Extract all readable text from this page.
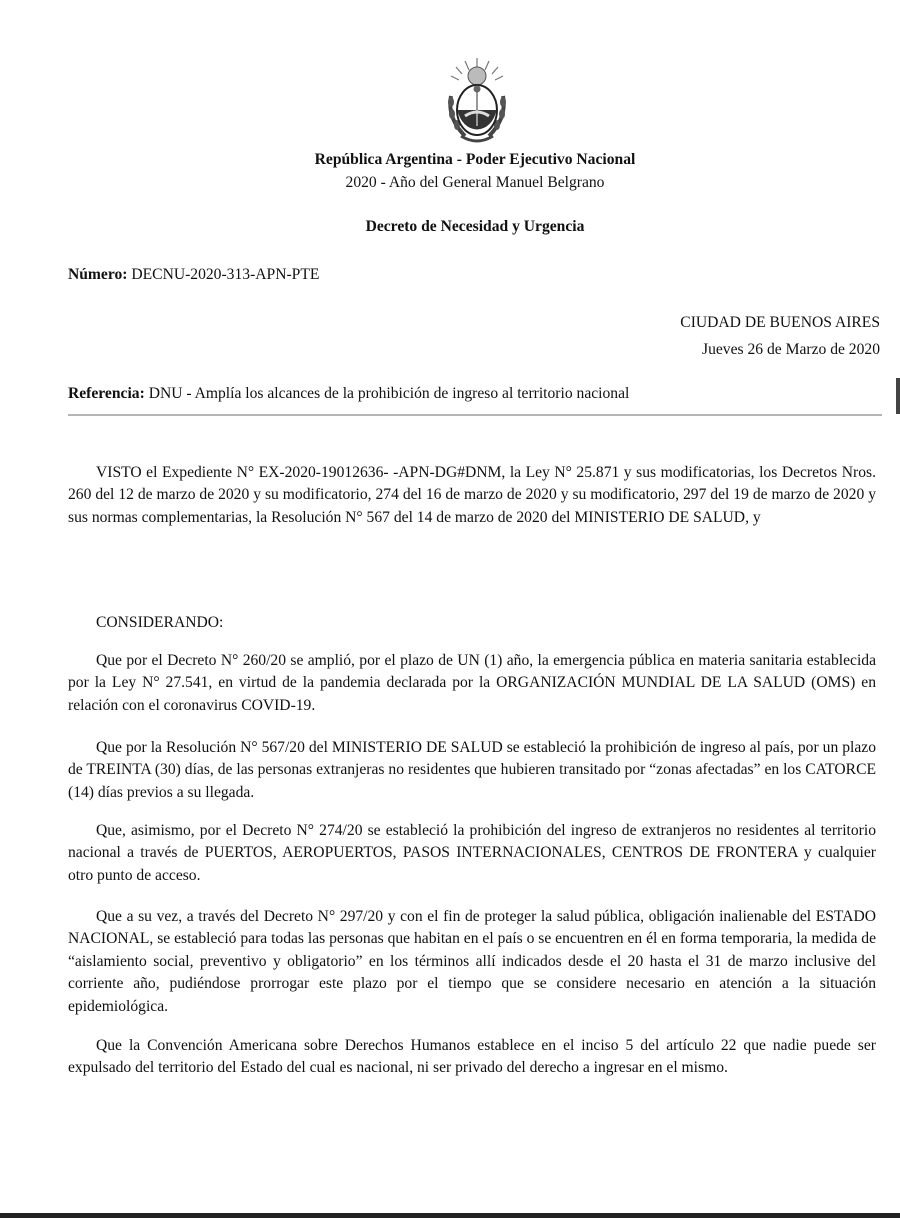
República Argentina - Poder Ejecutivo Nacional
2020 - Año del General Manuel Belgrano
Decreto de Necesidad y Urgencia
Número: DECNU-2020-313-APN-PTE
CIUDAD DE BUENOS AIRES
Jueves 26 de Marzo de 2020
Referencia: DNU - Amplía los alcances de la prohibición de ingreso al territorio nacional

VISTO el Expediente N° EX-2020-19012636- -APN-DG#DNM, la Ley N° 25.871 y sus modificatorias, los Decretos Nros. 260 del 12 de marzo de 2020 y su modificatorio, 274 del 16 de marzo de 2020 y su modificatorio, 297 del 19 de marzo de 2020 y sus normas complementarias, la Resolución N° 567 del 14 de marzo de 2020 del MINISTERIO DE SALUD, y

CONSIDERANDO:

Que por el Decreto N° 260/20 se amplió, por el plazo de UN (1) año, la emergencia pública en materia sanitaria establecida por la Ley N° 27.541, en virtud de la pandemia declarada por la ORGANIZACIÓN MUNDIAL DE LA SALUD (OMS) en relación con el coronavirus COVID-19.

Que por la Resolución N° 567/20 del MINISTERIO DE SALUD se estableció la prohibición de ingreso al país, por un plazo de TREINTA (30) días, de las personas extranjeras no residentes que hubieren transitado por “zonas afectadas” en los CATORCE (14) días previos a su llegada.

Que, asimismo, por el Decreto N° 274/20 se estableció la prohibición del ingreso de extranjeros no residentes al territorio nacional a través de PUERTOS, AEROPUERTOS, PASOS INTERNACIONALES, CENTROS DE FRONTERA y cualquier otro punto de acceso.

Que a su vez, a través del Decreto N° 297/20 y con el fin de proteger la salud pública, obligación inalienable del ESTADO NACIONAL, se estableció para todas las personas que habitan en el país o se encuentren en él en forma temporaria, la medida de “aislamiento social, preventivo y obligatorio” en los términos allí indicados desde el 20 hasta el 31 de marzo inclusive del corriente año, pudiéndose prorrogar este plazo por el tiempo que se considere necesario en atención a la situación epidemiológica.

Que la Convención Americana sobre Derechos Humanos establece en el inciso 5 del artículo 22 que nadie puede ser expulsado del territorio del Estado del cual es nacional, ni ser privado del derecho a ingresar en el mismo.
